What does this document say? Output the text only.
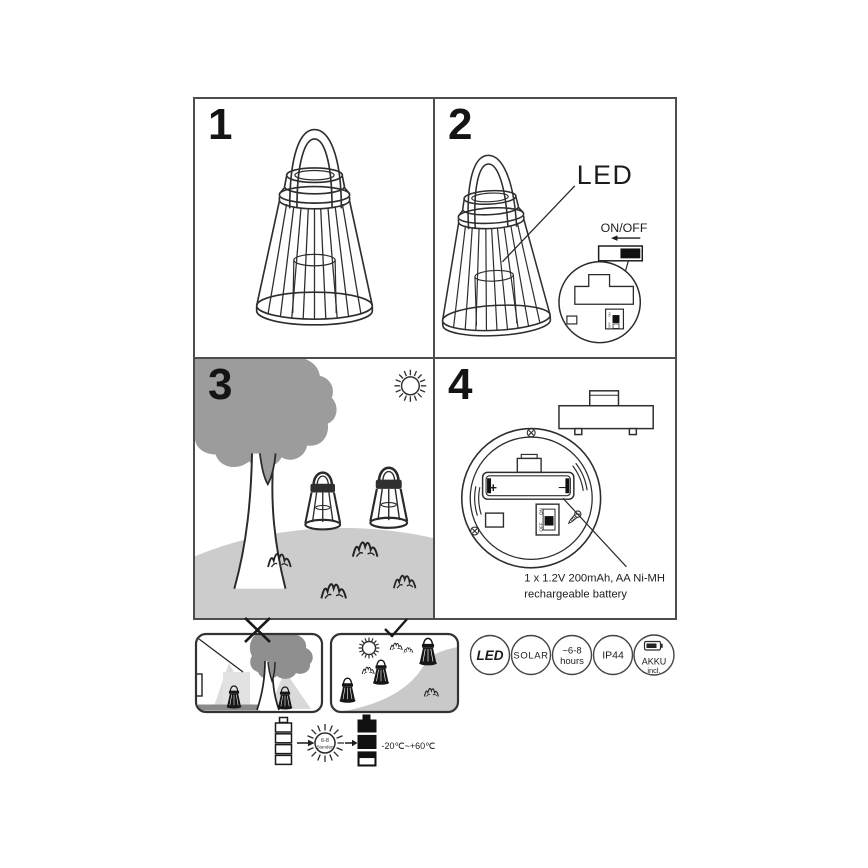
1	2
LED
ON/OFF
ON
OFF
3	4
+	−
ON
OFF
1 x 1.2V 200mAh, AA Ni-MH
rechargeable battery
LED SOLAR ~6-8
hours IP44 AKKU
incl.
6-8
Stunden	-20℃~+60℃
